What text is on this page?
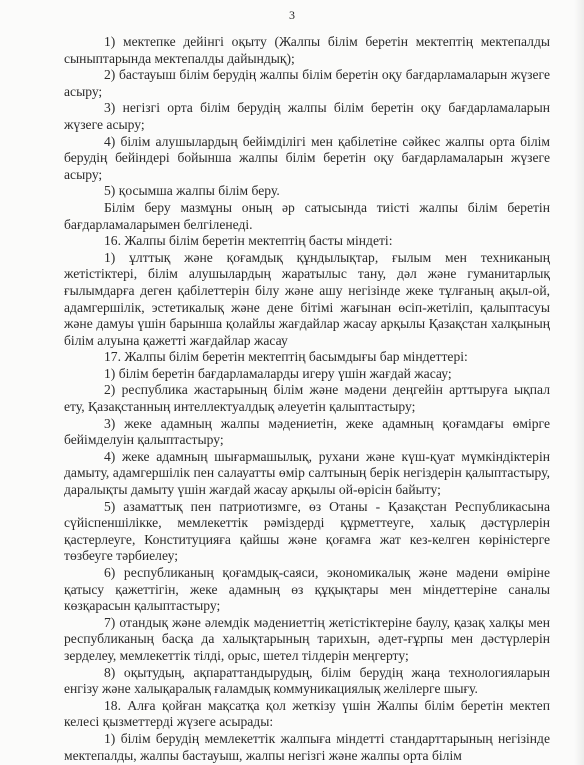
3

1) мектепке дейінгі оқыту (Жалпы білім беретін мектептің мектепалды сыныптарында мектепалды дайындық);

2) бастауыш білім берудің жалпы білім беретін оқу бағдарламаларын жүзеге асыру;

3) негізгі орта білім берудің жалпы білім беретін оқу бағдарламаларын жүзеге асыру;

4) білім алушылардың бейімділігі мен қабілетіне сәйкес жалпы орта білім берудің бейіндері бойынша жалпы білім беретін оқу бағдарламаларын жүзеге асыру;

5) қосымша жалпы білім беру.

Білім беру мазмұны оның әр сатысында тиісті жалпы білім беретін бағдарламаларымен белгіленеді.

16. Жалпы білім беретін мектептің басты міндеті:

1) ұлттық және қоғамдық құндылықтар, ғылым мен техниканың жетістіктері, білім алушылардың жаратылыс тану, дәл және гуманитарлық ғылымдарға деген қабілеттерін білу және ашу негізінде жеке тұлғаның ақыл-ой, адамгершілік, эстетикалық және дене бітімі жағынан өсіп-жетіліп, қалыптасуы және дамуы үшін барынша қолайлы жағдайлар жасау арқылы Қазақстан халқының білім алуына қажетті жағдайлар жасау

17. Жалпы білім беретін мектептің басымдығы бар міндеттері:

1) білім беретін бағдарламаларды игеру үшін жағдай жасау;

2) республика жастарының білім және мәдени деңгейін арттыруға ықпал ету, Қазақстанның интеллектуалдық әлеуетін қалыптастыру;

3) жеке адамның жалпы мәдениетін, жеке адамның қоғамдағы өмірге бейімделуін қалыптастыру;

4) жеке адамның шығармашылық, рухани және күш-қуат мүмкіндіктерін дамыту, адамгершілік пен салауатты өмір салтының берік негіздерін қалыптастыру, даралықты дамыту үшін жағдай жасау арқылы ой-өрісін байыту;

5) азаматтық пен патриотизмге, өз Отаны - Қазақстан Республикасына сүйіспеншілікке, мемлекеттік рәміздерді құрметтеуге, халық дәстүрлерін қастерлеуге, Конституцияға қайшы және қоғамға жат кез-келген көріністерге төзбеуге тәрбиелеу;

6) республиканың қоғамдық-саяси, экономикалық және мәдени өміріне қатысу қажеттігін, жеке адамның өз құқықтары мен міндеттеріне саналы көзқарасын қалыптастыру;

7) отандық және әлемдік мәдениеттің жетістіктеріне баулу, қазақ халқы мен республиканың басқа да халықтарының тарихын, әдет-ғұрпы мен дәстүрлерін зерделеу, мемлекеттік тілді, орыс, шетел тілдерін меңгерту;

8) оқытудың, ақпараттандырудың, білім берудің жаңа технологияларын енгізу және халықаралық ғаламдық коммуникациялық желілерге шығу.

18. Алға қойған мақсатқа қол жеткізу үшін Жалпы білім беретін мектеп келесі қызметтерді жүзеге асырады:

1) білім берудің мемлекеттік жалпыға міндетті стандарттарының негізінде мектепалды, жалпы бастауыш, жалпы негізгі және жалпы орта білім
